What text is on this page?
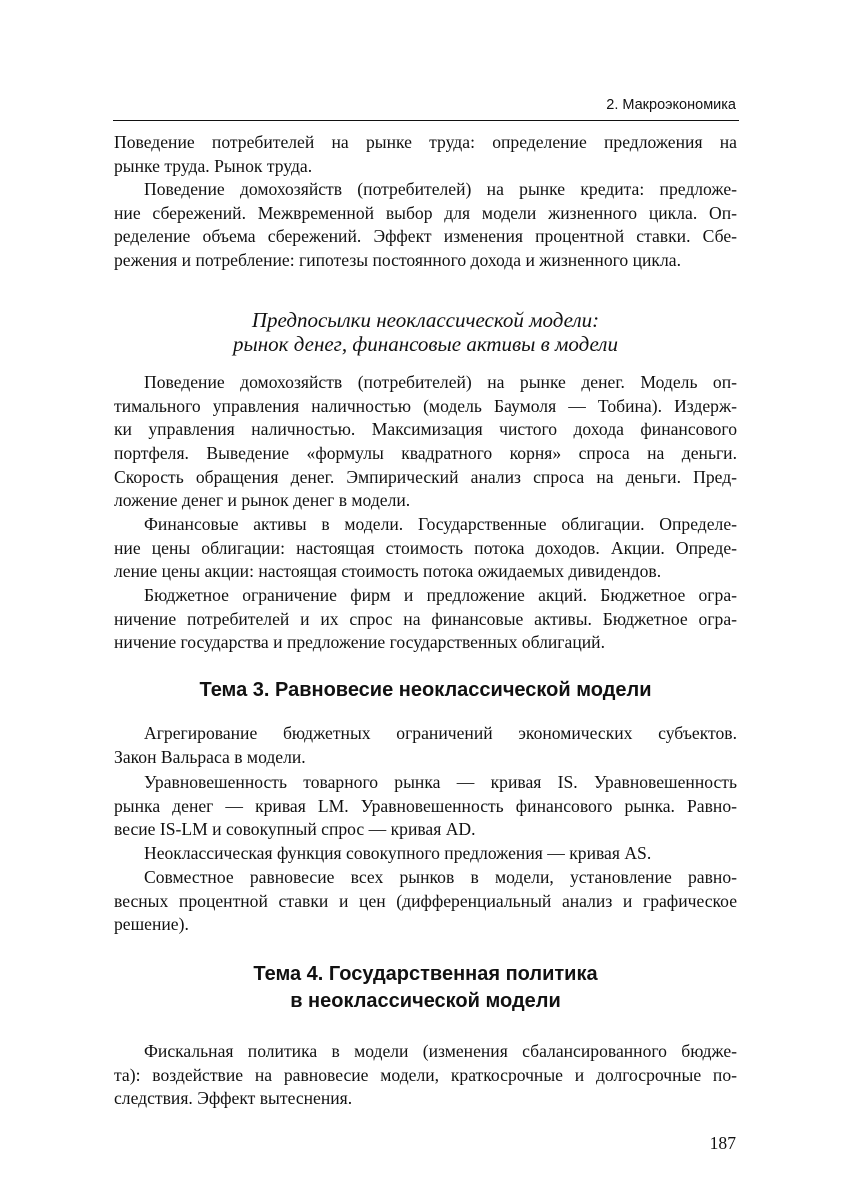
2. Макроэкономика
Поведение потребителей на рынке труда: определение предложения на
рынке труда. Рынок труда.
Поведение домохозяйств (потребителей) на рынке кредита: предложе-
ние сбережений. Межвременной выбор для модели жизненного цикла. Оп-
ределение объема сбережений. Эффект изменения процентной ставки. Сбе-
режения и потребление: гипотезы постоянного дохода и жизненного цикла.
Предпосылки неоклассической модели:
рынок денег, финансовые активы в модели
Поведение домохозяйств (потребителей) на рынке денег. Модель оп-
тимального управления наличностью (модель Баумоля — Тобина). Издерж-
ки управления наличностью. Максимизация чистого дохода финансового
портфеля. Выведение «формулы квадратного корня» спроса на деньги.
Скорость обращения денег. Эмпирический анализ спроса на деньги. Пред-
ложение денег и рынок денег в модели.
Финансовые активы в модели. Государственные облигации. Определе-
ние цены облигации: настоящая стоимость потока доходов. Акции. Опреде-
ление цены акции: настоящая стоимость потока ожидаемых дивидендов.
Бюджетное ограничение фирм и предложение акций. Бюджетное огра-
ничение потребителей и их спрос на финансовые активы. Бюджетное огра-
ничение государства и предложение государственных облигаций.
Тема 3. Равновесие неоклассической модели
Агрегирование бюджетных ограничений экономических субъектов.
Закон Вальраса в модели.
Уравновешенность товарного рынка — кривая IS. Уравновешенность
рынка денег — кривая LM. Уравновешенность финансового рынка. Равно-
весие IS-LM и совокупный спрос — кривая AD.
Неоклассическая функция совокупного предложения — кривая AS.
Совместное равновесие всех рынков в модели, установление равно-
весных процентной ставки и цен (дифференциальный анализ и графическое
решение).
Тема 4. Государственная политика
в неоклассической модели
Фискальная политика в модели (изменения сбалансированного бюдже-
та): воздействие на равновесие модели, краткосрочные и долгосрочные по-
следствия. Эффект вытеснения.
187
